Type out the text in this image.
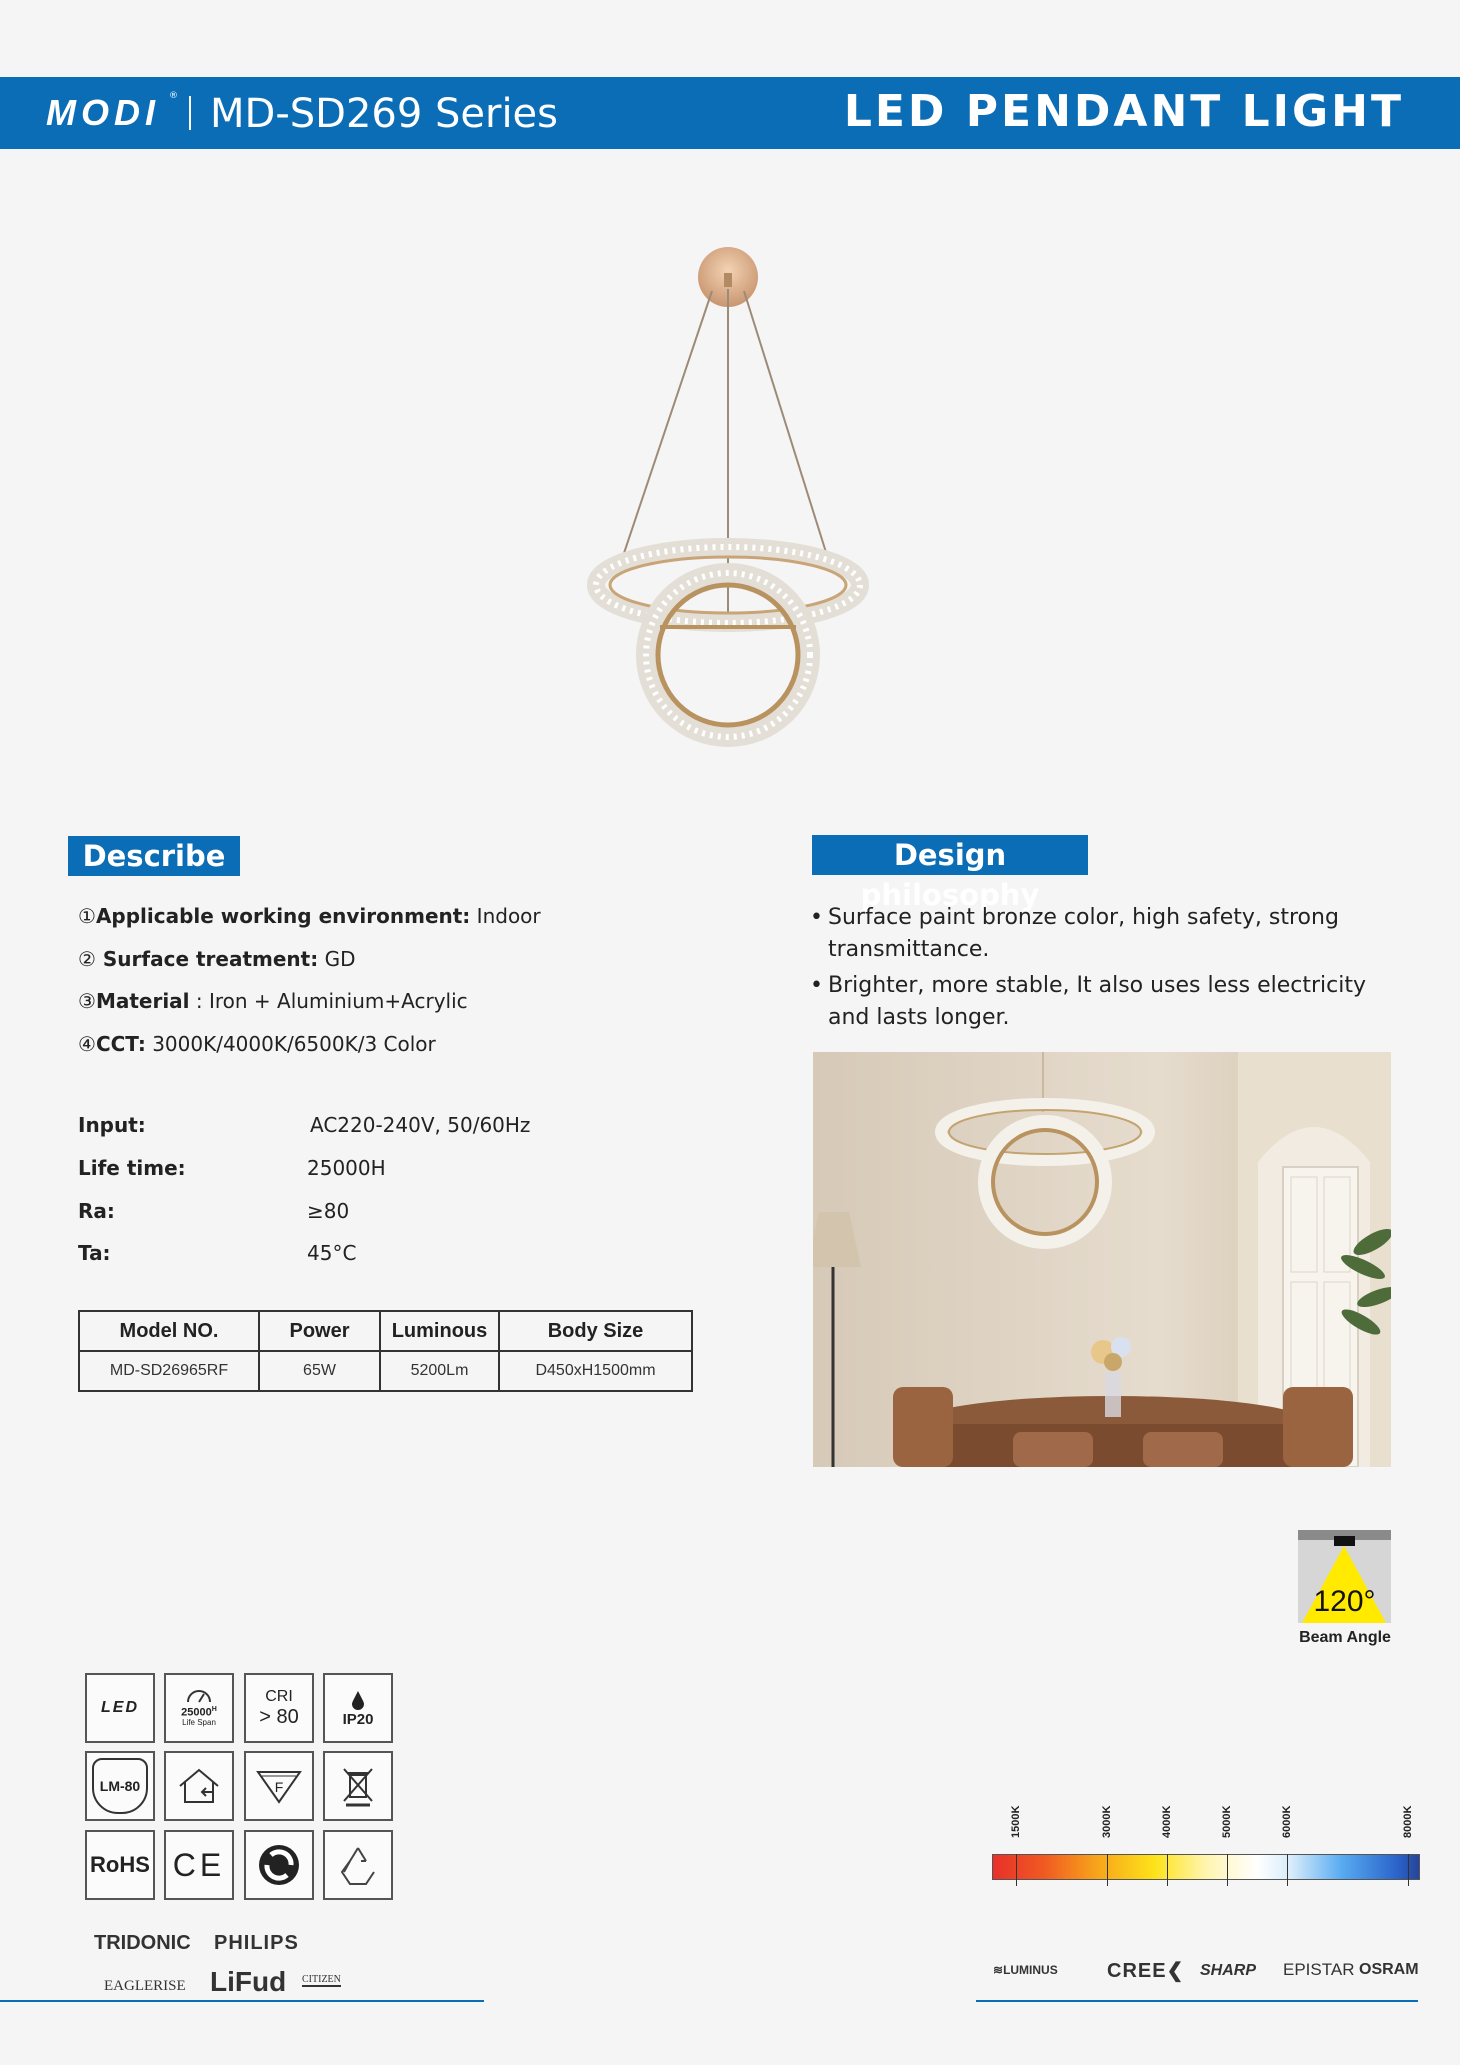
MODI ® MD-SD269 Series	LED PENDANT LIGHT
Describe
①Applicable working environment: Indoor
② Surface treatment: GD
③Material : Iron + Aluminium+Acrylic
④CCT: 3000K/4000K/6500K/3 Color
Input:	AC220-240V, 50/60Hz
Life time:	25000H
Ra:	≥80
Ta:	45°C
Model NO.	Power	Luminous	Body Size
MD-SD26965RF	65W	5200Lm	D450xH1500mm
Design philosophy
• Surface paint bronze color, high safety, strong transmittance.
• Brighter, more stable, It also uses less electricity and lasts longer.
120°
Beam Angle
LED	$25000^H$
Life Span
CRI
> 80	IP20
LM-80	F
RoHS CE
TRIDONIC PHILIPS
EAGLERISE LiFud CITIZEN
1500K	3000K	4000K	5000K	6000K	8000K
≋LUMINUS CREE❮ SHARP EPISTAR OSRAM
